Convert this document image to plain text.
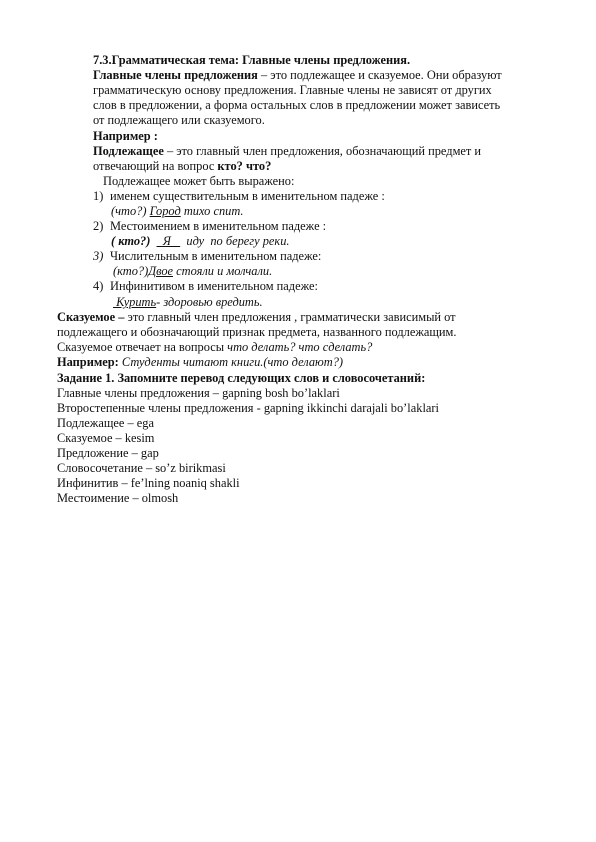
7.3.Грамматическая тема: Главные члены предложения.

Главные члены предложения – это подлежащее и сказуемое. Они образуют

грамматическую основу предложения. Главные члены не зависят от других

слов в предложении, а форма остальных слов в предложении может зависеть

от подлежащего или сказуемого.

Например :

Подлежащее – это главный член предложения, обозначающий предмет и

отвечающий на вопрос кто? что?

Подлежащее может быть выражено:

1) именем существительным в именительном падеже :

(что?) Город тихо спит.

2) Местоимением в именительном падеже :

( кто?)    Я     иду  по берегу реки.

3) Числительным в именительном падеже:

(кто?)Двое стояли и молчали.

4) Инфинитивом в именительном падеже:

Курить- здоровью вредить.

Сказуемое – это главный член предложения , грамматически зависимый от

подлежащего и обозначающий признак предмета, названного подлежащим.

Сказуемое отвечает на вопросы что делать? что сделать?

Например: Студенты читают книги.(что делают?)

Задание 1. Запомните перевод следующих слов и словосочетаний:

Главные члены предложения – gapning bosh bo’laklari

Второстепенные члены предложения - gapning ikkinchi darajali bo’laklari

Подлежащее – ega

Сказуемое – kesim

Предложение – gap

Словосочетание – so’z birikmasi

Инфинитив – fe’lning noaniq shakli

Местоимение – olmosh
